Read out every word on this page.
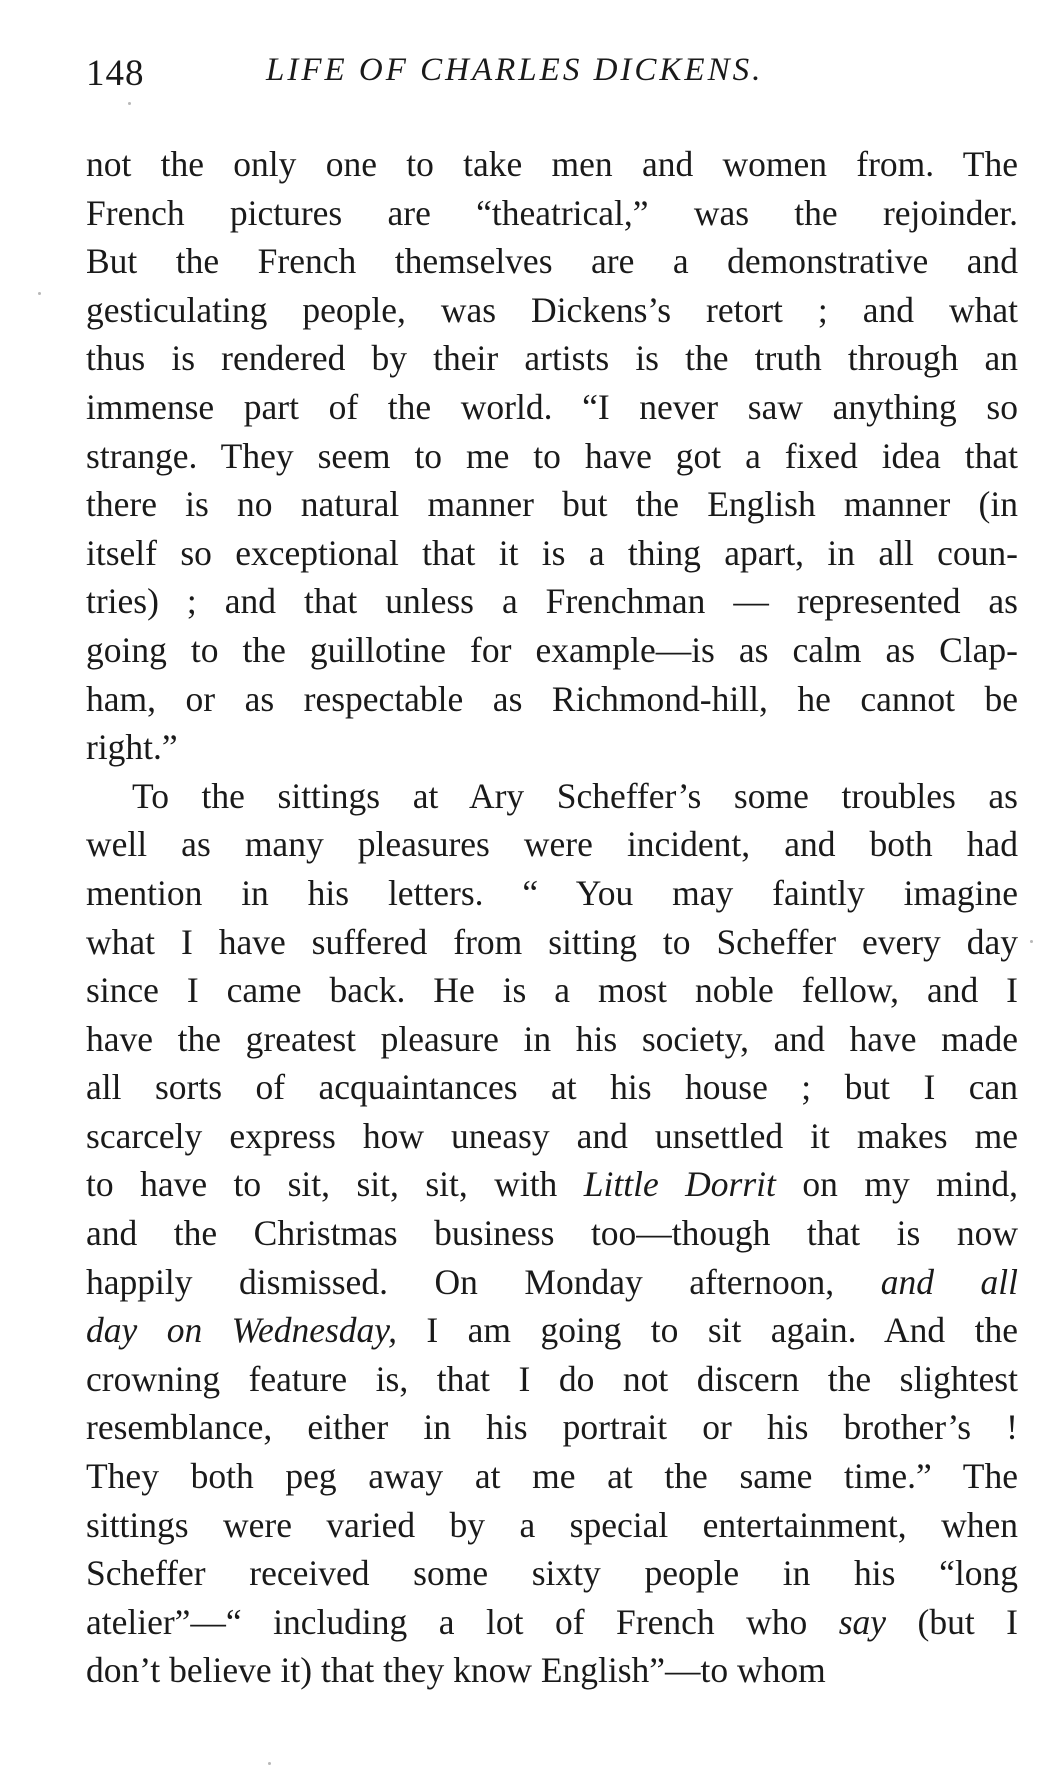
148	LIFE OF CHARLES DICKENS.
not the only one to take men and women from. The
French pictures are “theatrical,” was the rejoinder.
But the French themselves are a demonstrative and
gesticulating people, was Dickens’s retort ; and what
thus is rendered by their artists is the truth through an
immense part of the world. “I never saw anything so
strange. They seem to me to have got a fixed idea that
there is no natural manner but the English manner (in
itself so exceptional that it is a thing apart, in all coun-
tries) ; and that unless a Frenchman — represented as
going to the guillotine for example—is as calm as Clap-
ham, or as respectable as Richmond-hill, he cannot be
right.”
To the sittings at Ary Scheffer’s some troubles as
well as many pleasures were incident, and both had
mention in his letters. “ You may faintly imagine
what I have suffered from sitting to Scheffer every day
since I came back. He is a most noble fellow, and I
have the greatest pleasure in his society, and have made
all sorts of acquaintances at his house ; but I can
scarcely express how uneasy and unsettled it makes me
to have to sit, sit, sit, with Little Dorrit on my mind,
and the Christmas business too—though that is now
happily dismissed. On Monday afternoon, and all
day on Wednesday, I am going to sit again. And the
crowning feature is, that I do not discern the slightest
resemblance, either in his portrait or his brother’s !
They both peg away at me at the same time.” The
sittings were varied by a special entertainment, when
Scheffer received some sixty people in his “long
atelier”—“ including a lot of French who say (but I
don’t believe it) that they know English”—to whom
